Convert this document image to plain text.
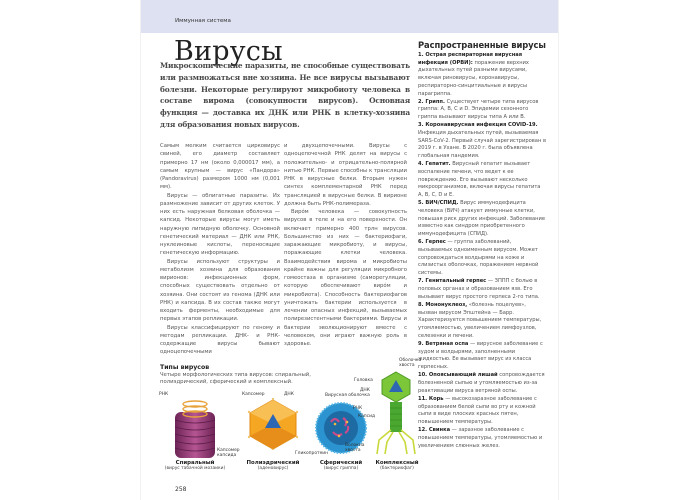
Иммунная система
Вирусы
Микроскопические паразиты, не способные существовать или размножаться вне хозяина. Не все вирусы вызывают болезни. Некоторые регулируют микробиоту человека в составе вирома (совокупности вирусов). Основная функция — доставка их ДНК или РНК в клетку-хозяина для образования новых вирусов.

Самым мелким считается цирковирус свиней, его диаметр составляет примерно 17 нм (около 0,000017 мм), а самым крупным — вирус «Пандора» (Pandoravirus) размером 1000 нм (0,001 мм).

Вирусы — облигатные паразиты. Их размножение зависит от других клеток. У них есть наружная белковая оболочка — капсид. Некоторые вирусы могут иметь наружную липидную оболочку. Основной генетический материал — ДНК или РНК, нуклеиновые кислоты, переносящие генетическую информацию.

Вирусы используют структуры и метаболизм хозяина для образования вирионов: инфекционных форм, способных существовать отдельно от хозяина. Они состоят из генома (ДНК или РНК) и капсида. В их состав также могут входить ферменты, необходимые для первых этапов репликации.

Вирусы классифицируют по геному и методам репликации. ДНК- и РНК-содержащие вирусы бывают одноцепочечными

и двухцепочечными. Вирусы с одноцепочечной РНК делят на вирусы с положительно- и отрицательно-полярной нитью РНК. Первые способны к трансляции РНК в вирусные белки. Вторым нужен синтез комплементарной РНК перед трансляцией в вирусные белки. В вирионе должна быть РНК-полимераза.

Вирóм человека — совокупность вирусов в теле и на его поверхности. Он включает примерно 400 трлн вирусов. Большинство из них — бактериофаги, заражающие микробиоту, и вирусы, поражающие клетки человека. Взаимодействия вирома и микробиоты крайне важны для регуляции микробного гомеостаза в организме (саморегуляции, которую обеспечивают вирόм и микробиота). Способность бактериофагов уничтожать бактерии используется в лечении опасных инфекций, вызываемых полирезистентными бактериями. Вирусы и бактерии эволюционируют вместе с человеком, они играют важную роль в здоровье.

Типы вирусов
Четыре морфологических типа вирусов: спиральный, полиэдрический, сферический и комплексный.
РНК
Капсомер капсида
Капсомер	ДНК
Гликопротеин
Вирусная оболочка
РНК
Капсид
Оболочка хвоста
Головка
ДНК
Волокна хвоста
Спиральный
(вирус табачной мозаики)
Полиэдрический
(аденовирус)
Сферический
(вирус гриппа)
Комплексный
(бактериофаг)
258
Распространенные вирусы
1. Острая респираторная вирусная инфекция (ОРВИ): поражение верхних дыхательных путей разными вирусами, включая риновирусы, коронавирусы, респираторно-синцитиальные и вирусы парагриппа.
2. Грипп. Существует четыре типа вирусов гриппа: A, B, C и D. Эпидемии сезонного гриппа вызывают вирусы типа A или B.
3. Коронавирусная инфекция COVID-19. Инфекция дыхательных путей, вызываемая SARS-CoV-2. Первый случай зарегистрирован в 2019 г. в Ухане. В 2020 г. была объявлена глобальная пандемия.
4. Гепатит. Вирусный гепатит вызывает воспаление печени, что ведет к ее повреждению. Его вызывают несколько микроорганизмов, включая вирусы гепатита A, B, C, D и E.
5. ВИЧ/СПИД. Вирус иммунодефицита человека (ВИЧ) атакует иммунные клетки, повышая риск других инфекций. Заболевание известно как синдром приобретенного иммунодефицита (СПИД).
6. Герпес — группа заболеваний, вызываемых одноименным вирусом. Может сопровождаться волдырями на коже и слизистых оболочках, поражением нервной системы.
7. Генитальный герпес — ЗППП с болью в половых органах и образованием язв. Его вызывает вирус простого герпеса 2-го типа.
8. Мононуклеоз, «болезнь поцелуев», вызван вирусом Эпштейна — Барр. Характеризуется повышением температуры, утомляемостью, увеличением лимфоузлов, селезенки и печени.
9. Ветряная оспа — вирусное заболевание с зудом и волдырями, заполненными жидкостью. Ее вызывает вирус из класса герпесных.
10. Опоясывающий лишай сопровождается болезненной сыпью и утомляемостью из-за реактивации вируса ветряной оспы.
11. Корь — высокозаразное заболевание с образованием белой сыпи во рту и кожной сыпи в виде плоских красных пятен, повышением температуры.
12. Свинка — заразное заболевание с повышением температуры, утомляемостью и увеличением слюнных желез.
